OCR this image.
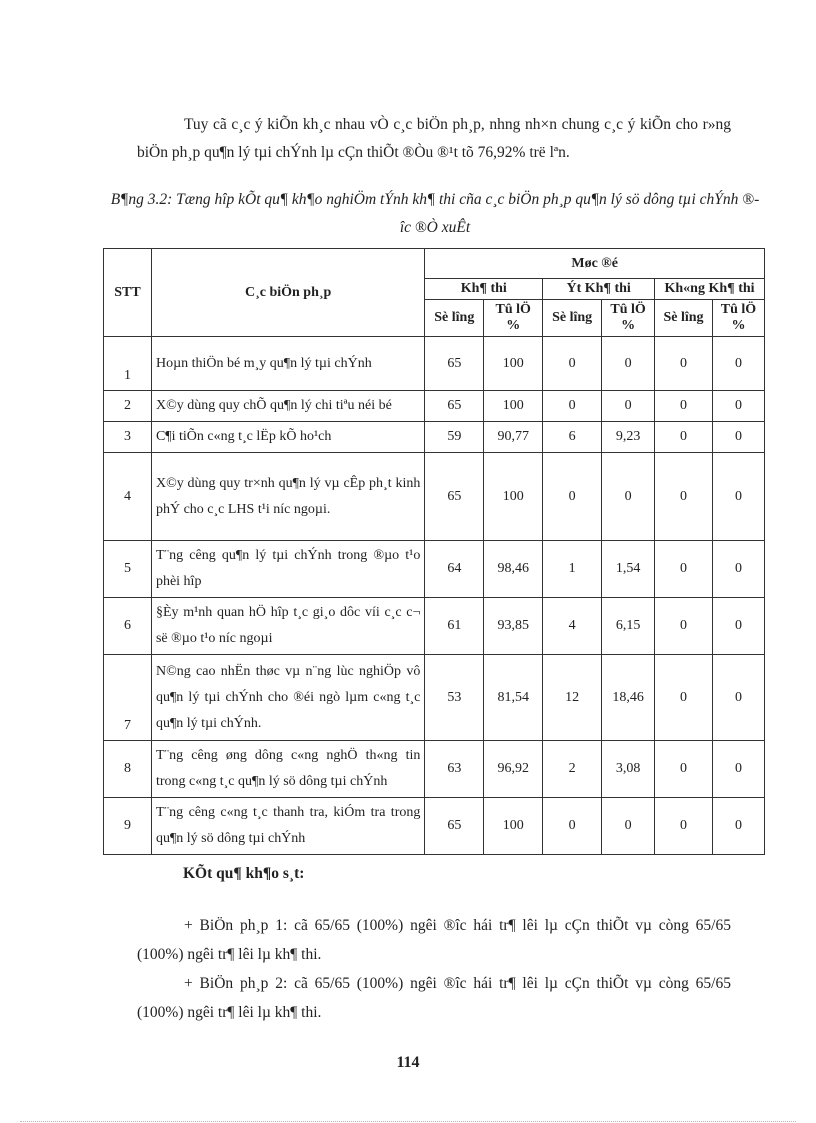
Tuy cã c¸c ý kiÕn kh¸c nhau vÒ c¸c biÖn ph¸p, nhng nh×n chung c¸c ý kiÕn cho r»ng biÖn ph¸p qu¶n lý tµi chÝnh lµ cÇn thiÕt ®Òu ®¹t tõ 76,92% trë lªn.

B¶ng 3.2: Tæng hîp kÕt qu¶ kh¶o nghiÖm tÝnh kh¶ thi cña c¸c biÖn ph¸p qu¶n lý sö dông tµi chÝnh ®îc ®Ò xuÊt
STT	C¸c biÖn ph¸p	Møc ®é					
		Kh¶ thi		Ýt Kh¶ thi		Kh«ng Kh¶ thi	
		Sè lîng	Tû lÖ %	Sè lîng	Tû lÖ %	Sè lîng	Tû lÖ %
1	Hoµn thiÖn bé m¸y qu¶n lý tµi chÝnh	65	100	0	0	0	0
2	X©y dùng quy chÕ qu¶n lý chi tiªu néi bé	65	100	0	0	0	0
3	C¶i tiÕn c«ng t¸c lËp kÕ ho¹ch	59	90,77	6	9,23	0	0
4	X©y dùng quy tr×nh qu¶n lý vµ cÊp ph¸t kinh phÝ cho c¸c LHS t¹i níc ngoµi.	65	100	0	0	0	0
5	T¨ng cêng qu¶n lý tµi chÝnh trong ®µo t¹o phèi hîp	64	98,46	1	1,54	0	0
6	§Èy m¹nh quan hÖ hîp t¸c gi¸o dôc víi c¸c c¬ së ®µo t¹o níc ngoµi	61	93,85	4	6,15	0	0
7	N©ng cao nhËn thøc vµ n¨ng lùc nghiÖp vô qu¶n lý tµi chÝnh cho ®éi ngò lµm c«ng t¸c qu¶n lý tµi chÝnh.	53	81,54	12	18,46	0	0
8	T¨ng cêng øng dông c«ng nghÖ th«ng tin trong c«ng t¸c qu¶n lý sö dông tµi chÝnh	63	96,92	2	3,08	0	0
9	T¨ng cêng c«ng t¸c thanh tra, kiÓm tra trong qu¶n lý sö dông tµi chÝnh	65	100	0	0	0	0
KÕt qu¶ kh¶o s¸t:

+ BiÖn ph¸p 1: cã 65/65 (100%) ngêi ®îc hái tr¶ lêi lµ cÇn thiÕt vµ còng 65/65 (100%) ngêi tr¶ lêi lµ kh¶ thi.

+ BiÖn ph¸p 2: cã 65/65 (100%) ngêi ®îc hái tr¶ lêi lµ cÇn thiÕt vµ còng 65/65 (100%) ngêi tr¶ lêi lµ kh¶ thi.

114
